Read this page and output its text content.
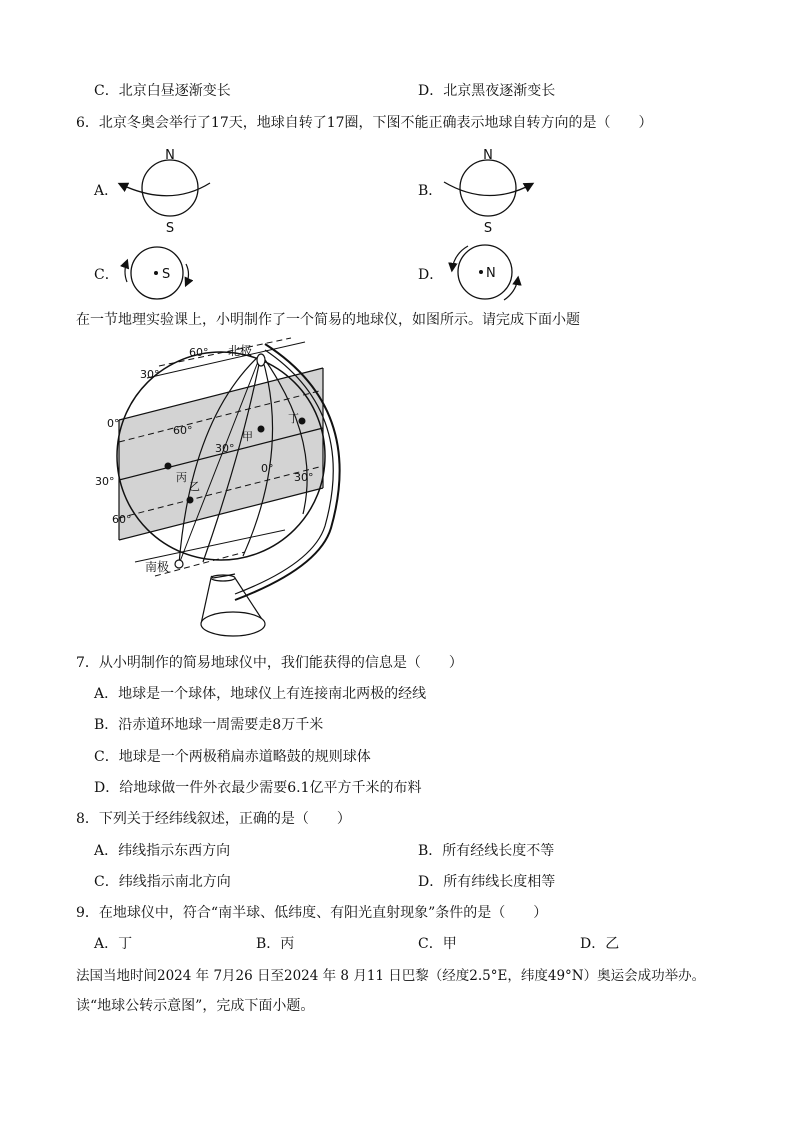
C．北京白昼逐渐变长	D．北京黑夜逐渐变长
6．北京冬奥会举行了17天，地球自转了17圈，下图不能正确表示地球自转方向的是（　　）
A．
N
S
B．
N
S
C．	S	D．	N
在一节地理实验课上，小明制作了一个简易的地球仪，如图所示。请完成下面小题
北极
南极
60°
30°
0°
30°
60°
60°
30°
0°
30°
甲
丁
丙
乙
7．从小明制作的简易地球仪中，我们能获得的信息是（　　）
A．地球是一个球体，地球仪上有连接南北两极的经线
B．沿赤道环地球一周需要走8万千米
C．地球是一个两极稍扁赤道略鼓的规则球体
D．给地球做一件外衣最少需要6.1亿平方千米的布料
8．下列关于经纬线叙述，正确的是（　　）
A．纬线指示东西方向	B．所有经线长度不等
C．纬线指示南北方向	D．所有纬线长度相等
9．在地球仪中，符合“南半球、低纬度、有阳光直射现象”条件的是（　　）
A．丁	B．丙	C．甲	D．乙
法国当地时间2024 年 7月26 日至2024 年 8 月11 日巴黎（经度2.5°E，纬度49°N）奥运会成功举办。
读“地球公转示意图”，完成下面小题。
